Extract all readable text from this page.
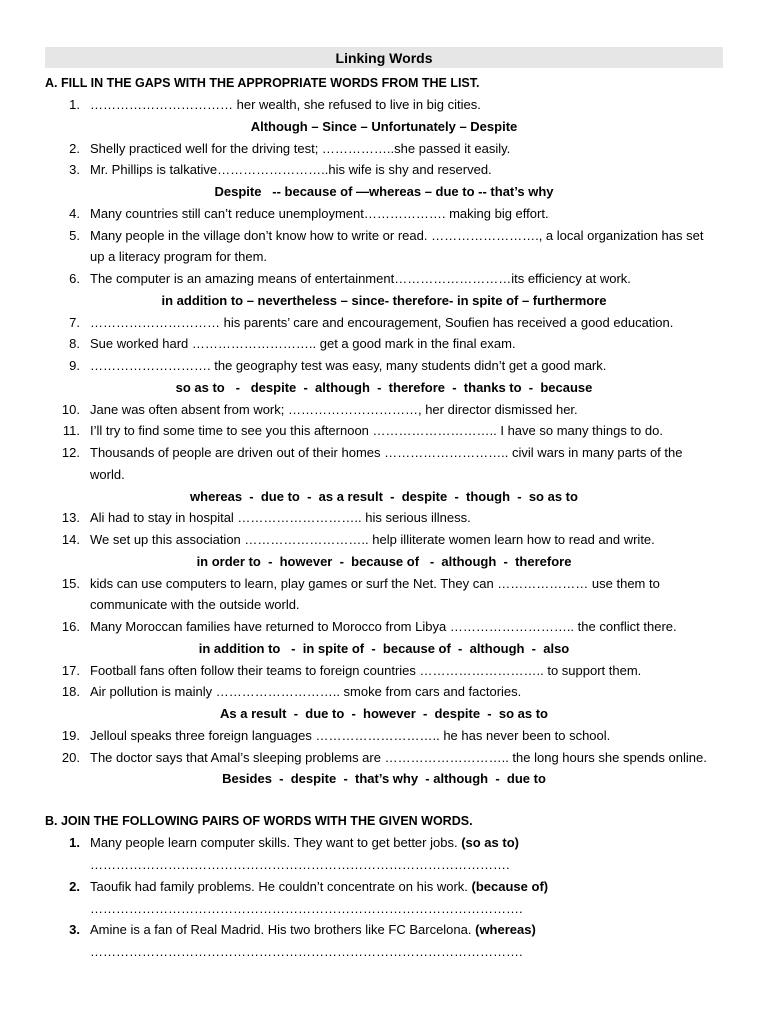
Linking Words
A. FILL IN THE GAPS WITH THE APPROPRIATE WORDS FROM THE LIST.
1. …………………………… her wealth, she refused to live in big cities.
Although – Since – Unfortunately – Despite
2. Shelly practiced well for the driving test; ……………..she passed it easily.
3. Mr. Phillips is talkative……………………..his wife is shy and reserved.
Despite   -- because of —whereas – due to -- that’s why
4. Many countries still can’t reduce unemployment………………. making big effort.
5. Many people in the village don’t know how to write or read. ……………………., a local organization has set
up a literacy program for them.
6. The computer is an amazing means of entertainment………………………its efficiency at work.
in addition to – nevertheless – since- therefore- in spite of – furthermore
7. ………………………… his parents’ care and encouragement, Soufien has received a good education.
8. Sue worked hard ……………………….. get a good mark in the final exam.
9. ………………………. the geography test was easy, many students didn’t get a good mark.
so as to   -   despite  -  although  -  therefore  -  thanks to  -  because
10. Jane was often absent from work; …………………………, her director dismissed her.
11. I’ll try to find some time to see you this afternoon ……………………….. I have so many things to do.
12. Thousands of people are driven out of their homes ……………………….. civil wars in many parts of the
world.
whereas  -  due to  -  as a result  -  despite  -  though  -  so as to
13. Ali had to stay in hospital ……………………….. his serious illness.
14. We set up this association ……………………….. help illiterate women learn how to read and write.
in order to  -  however  -  because of   -  although  -  therefore
15. kids can use computers to learn, play games or surf the Net. They can ………………… use them to
communicate with the outside world.
16. Many Moroccan families have returned to Morocco from Libya ……………………….. the conflict there.
in addition to   -  in spite of  -  because of  -  although  -  also
17. Football fans often follow their teams to foreign countries ……………………….. to support them.
18. Air pollution is mainly ……………………….. smoke from cars and factories.
As a result  -  due to  -  however  -  despite  -  so as to
19. Jelloul speaks three foreign languages ……………………….. he has never been to school.
20. The doctor says that Amal’s sleeping problems are ……………………….. the long hours she spends online.
Besides  -  despite  -  that’s why  - although  -  due to
B. JOIN THE FOLLOWING PAIRS OF WORDS WITH THE GIVEN WORDS.
1. Many people learn computer skills. They want to get better jobs. (so as to)
…………………………………………………………………………………….
2. Taoufik had family problems. He couldn’t concentrate on his work. (because of)
……………………………………………………………………………………….
3. Amine is a fan of Real Madrid. His two brothers like FC Barcelona. (whereas)
……………………………………………………………………………………….
